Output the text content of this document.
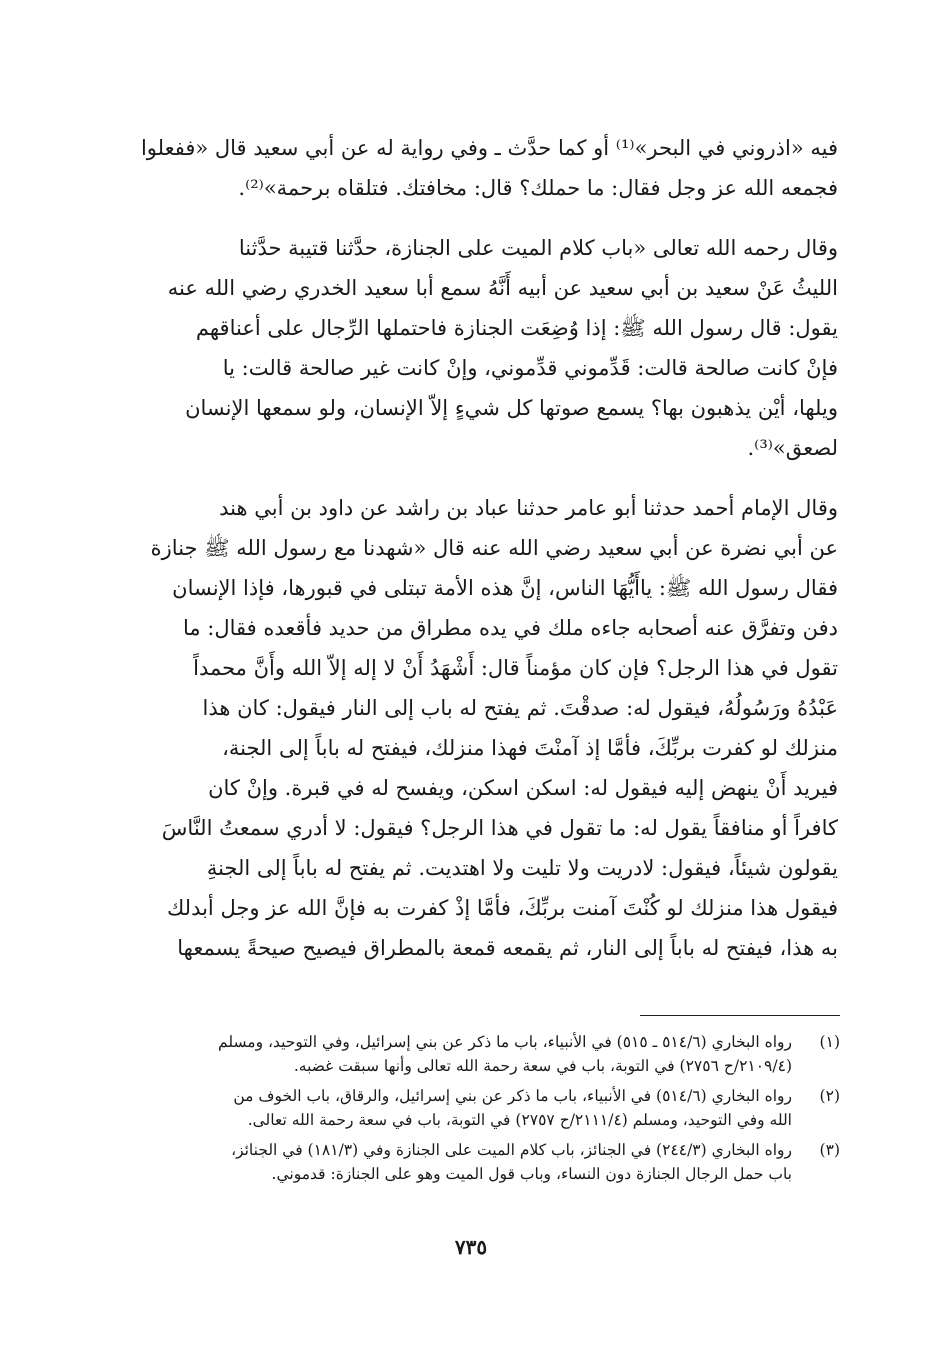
فيه «اذروني في البحر»⁽¹⁾ أو كما حدَّث ـ وفي رواية له عن أبي سعيد قال «ففعلوا
فجمعه الله عز وجل فقال: ما حملك؟ قال: مخافتك. فتلقاه برحمة»⁽²⁾.
وقال رحمه الله تعالى «باب كلام الميت على الجنازة، حدَّثنا قتيبة حدَّثنا
الليثُ عَنْ سعيد بن أبي سعيد عن أبيه أَنَّهُ سمع أبا سعيد الخدري رضي الله عنه
يقول: قال رسول الله ﷺ: إذا وُضِعَت الجنازة فاحتملها الرِّجال على أعناقهم
فإنْ كانت صالحة قالت: قَدِّموني قدِّموني، وإنْ كانت غير صالحة قالت: يا
ويلها، أيْن يذهبون بها؟ يسمع صوتها كل شيءٍ إلاّ الإنسان، ولو سمعها الإنسان
لصعق»⁽³⁾.
وقال الإمام أحمد حدثنا أبو عامر حدثنا عباد بن راشد عن داود بن أبي هند
عن أبي نضرة عن أبي سعيد رضي الله عنه قال «شهدنا مع رسول الله ﷺ جنازة
فقال رسول الله ﷺ: ياأَيُّهَا الناس، إنَّ هذه الأمة تبتلى في قبورها، فإذا الإنسان
دفن وتفرَّق عنه أصحابه جاءه ملك في يده مطراق من حديد فأقعده فقال: ما
تقول في هذا الرجل؟ فإن كان مؤمناً قال: أَشْهَدُ أَنْ لا إله إلاّ الله وأَنَّ محمداً
عَبْدُهُ ورَسُولُهُ، فيقول له: صدقْتَ. ثم يفتح له باب إلى النار فيقول: كان هذا
منزلك لو كفرت بربِّكَ، فأمَّا إذ آمنْتَ فهذا منزلك، فيفتح له باباً إلى الجنة،
فيريد أَنْ ينهض إليه فيقول له: اسكن اسكن، ويفسح له في قبرة. وإنْ كان
كافراً أو منافقاً يقول له: ما تقول في هذا الرجل؟ فيقول: لا أدري سمعتُ النَّاسَ
يقولون شيئاً، فيقول: لادريت ولا تليت ولا اهتديت. ثم يفتح له باباً إلى الجنةِ
فيقول هذا منزلك لو كُنْتَ آمنت بربِّكَ، فأمَّا إذْ كفرت به فإنَّ الله عز وجل أبدلك
به هذا، فيفتح له باباً إلى النار، ثم يقمعه قمعة بالمطراق فيصيح صيحةً يسمعها
(١)
رواه البخاري (٥١٤/٦ ـ ٥١٥) في الأنبياء، باب ما ذكر عن بني إسرائيل، وفي التوحيد، ومسلم
(٢١٠٩/٤/ح ٢٧٥٦) في التوبة، باب في سعة رحمة الله تعالى وأنها سبقت غضبه.
(٢)
رواه البخاري (٥١٤/٦) في الأنبياء، باب ما ذكر عن بني إسرائيل، والرقاق، باب الخوف من
الله وفي التوحيد، ومسلم (٢١١١/٤/ح ٢٧٥٧) في التوبة، باب في سعة رحمة الله تعالى.
(٣)
رواه البخاري (٢٤٤/٣) في الجنائز، باب كلام الميت على الجنازة وفي (١٨١/٣) في الجنائز،
باب حمل الرجال الجنازة دون النساء، وباب قول الميت وهو على الجنازة: قدموني.
٧٣٥
